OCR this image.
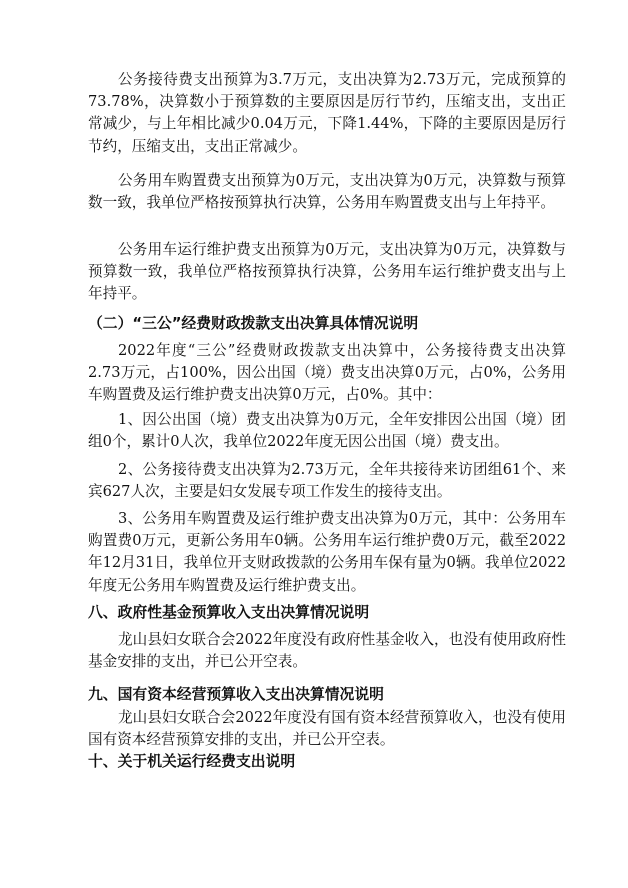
公务接待费支出预算为3.7万元，支出决算为2.73万元，完成预算的73.78%，决算数小于预算数的主要原因是厉行节约，压缩支出，支出正常减少，与上年相比减少0.04万元，下降1.44%，下降的主要原因是厉行节约，压缩支出，支出正常减少。

公务用车购置费支出预算为0万元，支出决算为0万元，决算数与预算数一致，我单位严格按预算执行决算，公务用车购置费支出与上年持平。

公务用车运行维护费支出预算为0万元，支出决算为0万元，决算数与预算数一致，我单位严格按预算执行决算，公务用车运行维护费支出与上年持平。

（二）“三公”经费财政拨款支出决算具体情况说明

2022年度“三公”经费财政拨款支出决算中，公务接待费支出决算2.73万元，占100%，因公出国（境）费支出决算0万元，占0%，公务用车购置费及运行维护费支出决算0万元，占0%。其中：

1、因公出国（境）费支出决算为0万元，全年安排因公出国（境）团组0个，累计0人次，我单位2022年度无因公出国（境）费支出。

2、公务接待费支出决算为2.73万元，全年共接待来访团组61个、来宾627人次，主要是妇女发展专项工作发生的接待支出。

3、公务用车购置费及运行维护费支出决算为0万元，其中：公务用车购置费0万元，更新公务用车0辆。公务用车运行维护费0万元，截至2022年12月31日，我单位开支财政拨款的公务用车保有量为0辆。我单位2022年度无公务用车购置费及运行维护费支出。

八、政府性基金预算收入支出决算情况说明

龙山县妇女联合会2022年度没有政府性基金收入，也没有使用政府性基金安排的支出，并已公开空表。

九、国有资本经营预算收入支出决算情况说明

龙山县妇女联合会2022年度没有国有资本经营预算收入，也没有使用国有资本经营预算安排的支出，并已公开空表。

十、关于机关运行经费支出说明
